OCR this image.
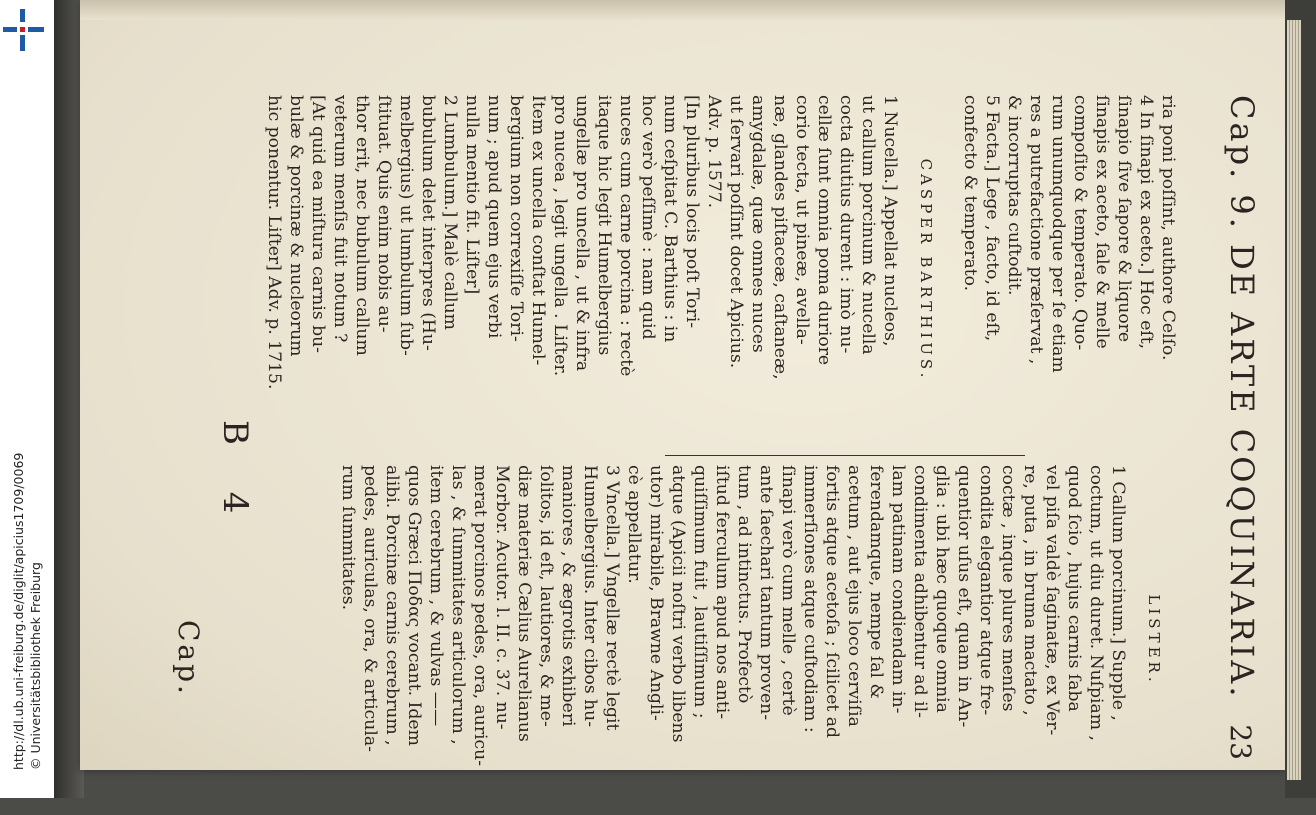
http://dl.ub.uni-freiburg.de/diglit/apicius1709/0069 © Universitätsbibliothek Freiburg	Cap. 9. DE ARTE COQUINARIA.
23
ria poni poſſint, authore Celſo.
4 In ſinapi ex aceto.] Hoc eſt,
ſinapio ſive ſapore & liquore
ſinapis ex aceto, ſale & melle
compoſito & temperato. Quo-
rum unumquodque per ſe etiam
res a putrefactione præſervat ,
& incorruptas cuſtodit.
5 Facta.] Lege , facto, id eſt,
confecto & temperato.
CASPER BARTHIUS.
1 Nucella.] Appellat nucleos,
ut callum porcinum & nucella
cocta diutius durent : imò nu-
cellæ ſunt omnia poma duriore
corio tecta, ut pineæ, avella-
næ, glandes piſtaceæ, caſtaneæ,
amygdalæ, quæ omnes nuces
ut ſervari poſſint docet Apicius.
Adv. p. 1577.
[In pluribus locis poſt Tori-
num ceſpitat C. Barthius : in
hoc verò peſſimè : nam quid
nuces cum carne porcina : rectè
itaque hic legit Humelbergius
ungellæ pro uncella , ut & infra
pro nucea , legit ungella . Liſter.
Item ex uncella conſtat Humel-
bergium non correxiſſe Tori-
num ; apud quem ejus verbi
nulla mentio fit. Liſter]
2 Lumbulum.] Malè callum
bubulum delet interpres (Hu-
melbergius) ut lumbulum ſub-
ſtituat. Quis enim nobis au-
thor erit, nec bubulum callum
veterum menſis fuit notum ?
[At quid ea miſtura carnis bu-
bulæ & porcinæ & nucleorum
hic ponentur. Liſter] Adv. p. 1715.
LISTER.
1 Callum porcinum.] Supple ,
coctum, ut diu duret. Nuſpiam ,
quod ſcio , hujus carnis ſaba
vel piſa valdè ſaginatæ, ex Ver-
re, puta , in bruma mactato ,
coctæ , inque plures menſes
condita elegantior atque fre-
quentior uſus eſt, quam in An-
glia : ubi hæc quoque omnia
condimenta adhibentur ad il-
lam patinam condiendam in-
ferendamque, nempe ſal &
acetum , aut ejus loco cerviſia
fortis atque acetoſa ; ſcilicet ad
immerſiones atque cuſtodiam :
ſinapi verò cum melle , certè
ante ſaechari tantum proven-
tum , ad intinctus. Profectò
iſtud ferculum apud nos anti-
quiſſimum fuit , lautiſſimum ;
atque (Apicii noſtri verbo libens
utor) mirabile, Brawne Angli-
cè appellatur.
3 Vncella.] Vngellæ rectè legit
Humelbergius. Inter cibos hu-
maniores , & ægrotis exhiberi
ſolitos, id eſt, lautiores, & me-
diæ materiæ Cælius Aurelianus
Morbor. Acutor. l. II. c. 37. nu-
merat porcinos pedes, ora, auricu-
las , & ſummitates articulorum ,
item cerebrum , & vulvas ——
quos Græci Ποδας vocant. Idem
alibi. Porcinæ carnis cerebrum ,
pedes, auriculas, ora, & articula-
rum ſummitates.
B 4
Cap.
